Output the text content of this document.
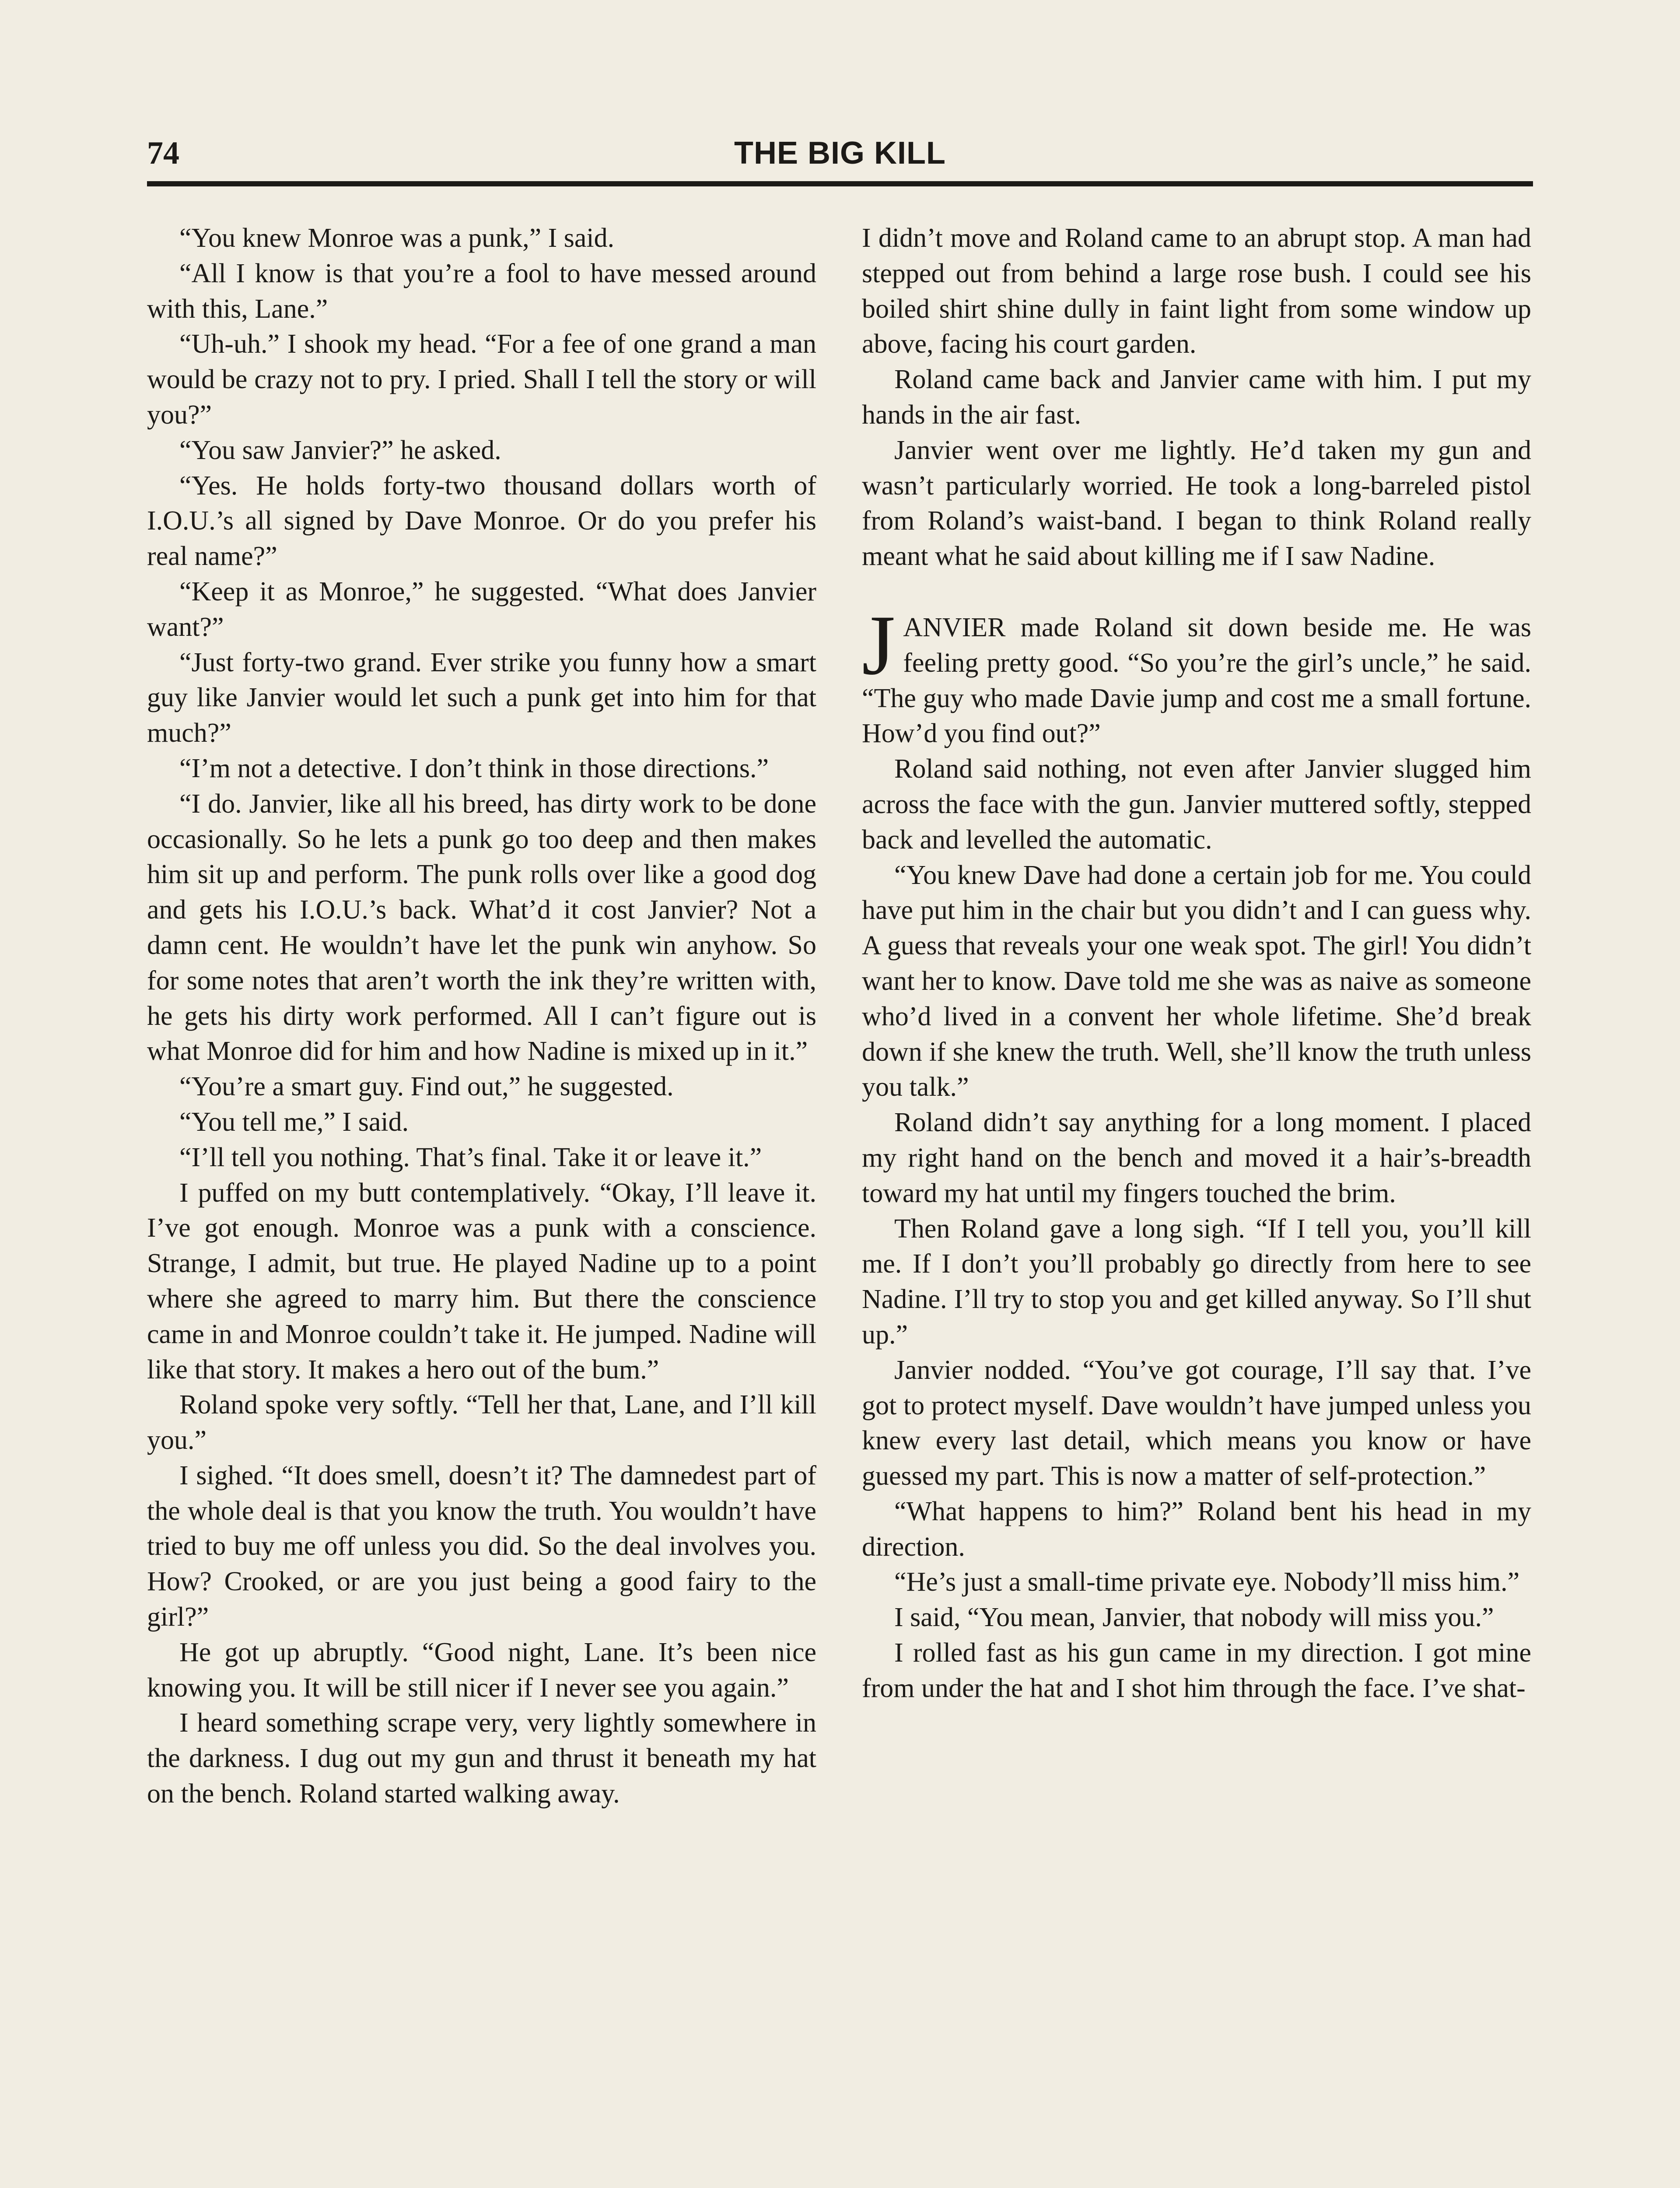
74	THE BIG KILL

“You knew Monroe was a punk,” I said.

“All I know is that you’re a fool to have messed around with this, Lane.”

“Uh-uh.” I shook my head. “For a fee of one grand a man would be crazy not to pry. I pried. Shall I tell the story or will you?”

“You saw Janvier?” he asked.

“Yes. He holds forty-two thousand dollars worth of I.O.U.’s all signed by Dave Monroe. Or do you prefer his real name?”

“Keep it as Monroe,” he suggested. “What does Janvier want?”

“Just forty-two grand. Ever strike you funny how a smart guy like Janvier would let such a punk get into him for that much?”

“I’m not a detective. I don’t think in those directions.”

“I do. Janvier, like all his breed, has dirty work to be done occasionally. So he lets a punk go too deep and then makes him sit up and perform. The punk rolls over like a good dog and gets his I.O.U.’s back. What’d it cost Janvier? Not a damn cent. He wouldn’t have let the punk win anyhow. So for some notes that aren’t worth the ink they’re written with, he gets his dirty work performed. All I can’t figure out is what Monroe did for him and how Nadine is mixed up in it.”

“You’re a smart guy. Find out,” he suggested.

“You tell me,” I said.

“I’ll tell you nothing. That’s final. Take it or leave it.”

I puffed on my butt contemplatively. “Okay, I’ll leave it. I’ve got enough. Monroe was a punk with a conscience. Strange, I admit, but true. He played Nadine up to a point where she agreed to marry him. But there the conscience came in and Monroe couldn’t take it. He jumped. Nadine will like that story. It makes a hero out of the bum.”

Roland spoke very softly. “Tell her that, Lane, and I’ll kill you.”

I sighed. “It does smell, doesn’t it? The damnedest part of the whole deal is that you know the truth. You wouldn’t have tried to buy me off unless you did. So the deal involves you. How? Crooked, or are you just being a good fairy to the girl?”

He got up abruptly. “Good night, Lane. It’s been nice knowing you. It will be still nicer if I never see you again.”

I heard something scrape very, very lightly somewhere in the darkness. I dug out my gun and thrust it beneath my hat on the bench. Roland started walking away.

I didn’t move and Roland came to an abrupt stop. A man had stepped out from behind a large rose bush. I could see his boiled shirt shine dully in faint light from some window up above, facing his court garden.

Roland came back and Janvier came with him. I put my hands in the air fast.

Janvier went over me lightly. He’d taken my gun and wasn’t particularly worried. He took a long-barreled pistol from Roland’s waist-band. I began to think Roland really meant what he said about killing me if I saw Nadine.

JANVIER made Roland sit down beside me. He was feeling pretty good. “So you’re the girl’s uncle,” he said. “The guy who made Davie jump and cost me a small fortune. How’d you find out?”

Roland said nothing, not even after Janvier slugged him across the face with the gun. Janvier muttered softly, stepped back and levelled the automatic.

“You knew Dave had done a certain job for me. You could have put him in the chair but you didn’t and I can guess why. A guess that reveals your one weak spot. The girl! You didn’t want her to know. Dave told me she was as naive as someone who’d lived in a convent her whole lifetime. She’d break down if she knew the truth. Well, she’ll know the truth unless you talk.”

Roland didn’t say anything for a long moment. I placed my right hand on the bench and moved it a hair’s-breadth toward my hat until my fingers touched the brim.

Then Roland gave a long sigh. “If I tell you, you’ll kill me. If I don’t you’ll probably go directly from here to see Nadine. I’ll try to stop you and get killed anyway. So I’ll shut up.”

Janvier nodded. “You’ve got courage, I’ll say that. I’ve got to protect myself. Dave wouldn’t have jumped unless you knew every last detail, which means you know or have guessed my part. This is now a matter of self-protection.”

“What happens to him?” Roland bent his head in my direction.

“He’s just a small-time private eye. Nobody’ll miss him.”

I said, “You mean, Janvier, that nobody will miss you.”

I rolled fast as his gun came in my direction. I got mine from under the hat and I shot him through the face. I’ve shat-
